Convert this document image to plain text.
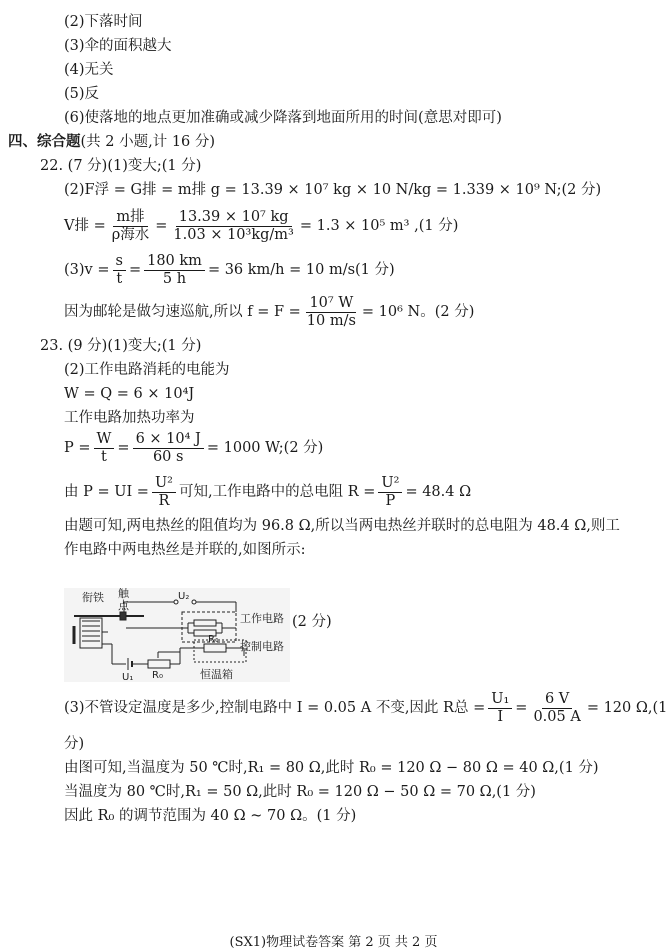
(2)下落时间
(3)伞的面积越大
(4)无关
(5)反
(6)使落地的地点更加准确或减少降落到地面所用的时间(意思对即可)
四、综合题(共 2 小题,计 16 分)
22. (7 分)(1)变大;(1 分)
(2)F浮 = G排 = m排 g = 13.39 × 10⁷ kg × 10 N/kg = 1.339 × 10⁹ N;(2 分)
V排 = $\frac{\text{m排}}{\text{ρ海水}} = \frac{\text{13.39 × 10⁷ kg}}{\text{1.03 × 10³kg/m³}} = 1.3 \times 10^5$ m³ ,(1 分)
$(3)v = \frac{s}{t} = \frac{180 km}{5 h} = 36$ km/h = 10 m/s(1 分)
因为邮轮是做匀速巡航,所以 $f = F = \frac{\text{10⁷ W}}{10 m/s} = 10^6$ N。(2 分)
23. (9 分)(1)变大;(1 分)
(2)工作电路消耗的电能为
W = Q = 6 × 10⁴J
工作电路加热功率为
$P = \frac{W}{t} = \frac{\text{6 × 10⁴ J}}{60 s} = 1000$ W;(2 分)
由 P = UI = $\frac{\text{U²}}{R}$ 可知,工作电路中的总电阻 $R = \frac{\text{U²}}{P} = 48.4$ Ω
由题可知,两电热丝的阻值均为 96.8 Ω,所以当两电热丝并联时的总电阻为 48.4 Ω,则工
作电路中两电热丝是并联的,如图所示:
衔铁 触
点
U₂
工作电路
控制电路
R₁
R₀
U₁	恒温箱
(2 分)
(3)不管设定温度是多少,控制电路中 I = 0.05 A 不变,因此 R总 = $\frac{\text{U₁}}{I} = \frac{6 V}{0.05 A} = 120$ Ω,(1
分)
由图可知,当温度为 50 ℃时,R₁ = 80 Ω,此时 R₀ = 120 Ω − 80 Ω = 40 Ω,(1 分)
当温度为 80 ℃时,R₁ = 50 Ω,此时 R₀ = 120 Ω − 50 Ω = 70 Ω,(1 分)
因此 R₀ 的调节范围为 40 Ω ~ 70 Ω。(1 分)
(SX1)物理试卷答案 第 2 页 共 2 页
